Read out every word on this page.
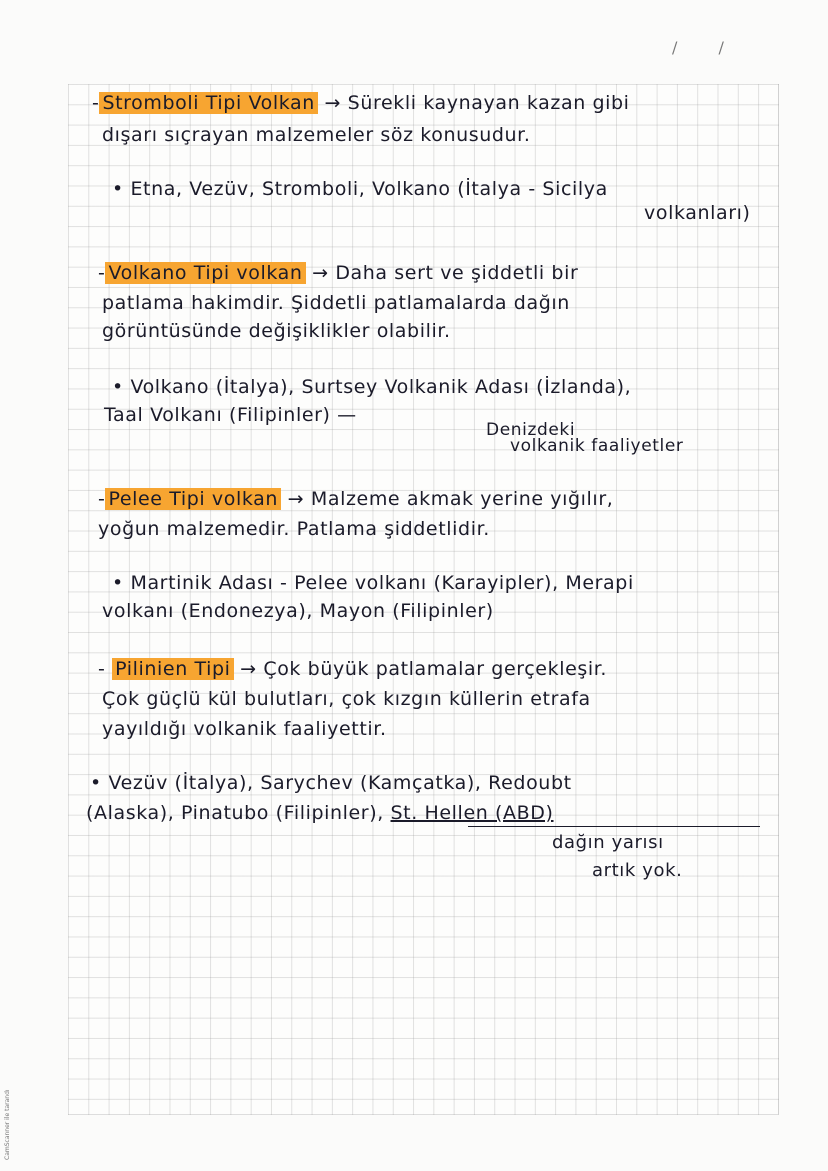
/ /
CamScanner ile tarandı
- Stromboli Tipi Volkan → Sürekli kaynayan kazan gibi
dışarı sıçrayan malzemeler söz konusudur.
• Etna, Vezüv, Stromboli, Volkano (İtalya - Sicilya
volkanları)
- Volkano Tipi volkan → Daha sert ve şiddetli bir
patlama hakimdir. Şiddetli patlamalarda dağın
görüntüsünde değişiklikler olabilir.
• Volkano (İtalya), Surtsey Volkanik Adası (İzlanda),
Taal Volkanı (Filipinler) —
Denizdeki
volkanik faaliyetler
- Pelee Tipi volkan → Malzeme akmak yerine yığılır,
yoğun malzemedir. Patlama şiddetlidir.
• Martinik Adası - Pelee volkanı (Karayipler), Merapi
volkanı (Endonezya), Mayon (Filipinler)
- Pilinien Tipi → Çok büyük patlamalar gerçekleşir.
Çok güçlü kül bulutları, çok kızgın küllerin etrafa
yayıldığı volkanik faaliyettir.
• Vezüv (İtalya), Sarychev (Kamçatka), Redoubt
(Alaska), Pinatubo (Filipinler), St. Hellen (ABD)
dağın yarısı
artık yok.
